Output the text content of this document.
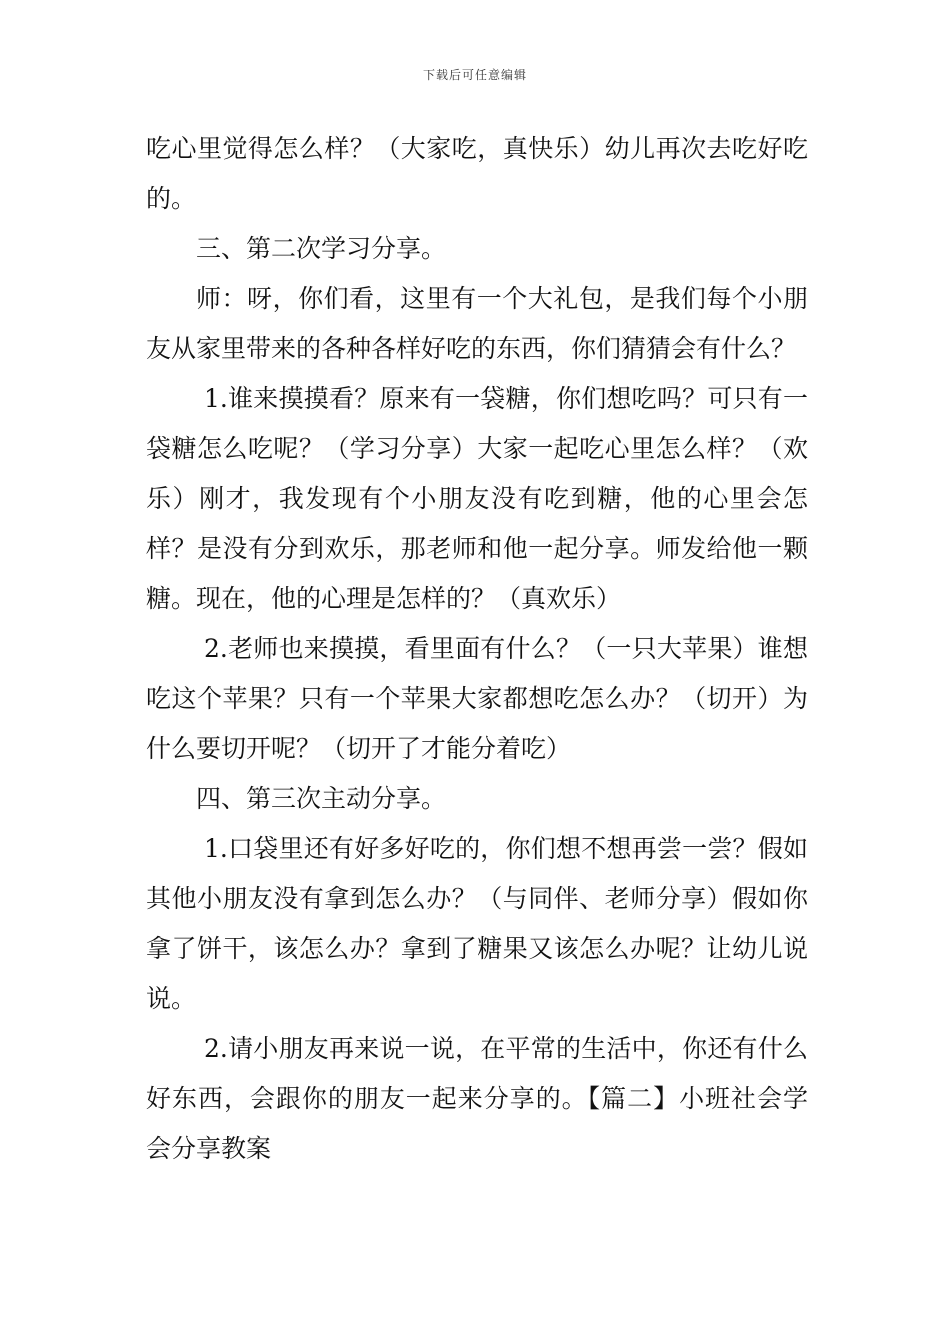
下载后可任意编辑

吃心里觉得怎么样？（大家吃，真快乐）幼儿再次去吃好吃的。

三、第二次学习分享。

师：呀，你们看，这里有一个大礼包，是我们每个小朋友从家里带来的各种各样好吃的东西，你们猜猜会有什么？

1.谁来摸摸看？原来有一袋糖，你们想吃吗？可只有一袋糖怎么吃呢？（学习分享）大家一起吃心里怎么样？（欢乐）刚才，我发现有个小朋友没有吃到糖，他的心里会怎样？是没有分到欢乐，那老师和他一起分享。师发给他一颗糖。现在，他的心理是怎样的？（真欢乐）

2.老师也来摸摸，看里面有什么？（一只大苹果）谁想吃这个苹果？只有一个苹果大家都想吃怎么办？（切开）为什么要切开呢？（切开了才能分着吃）

四、第三次主动分享。

1.口袋里还有好多好吃的，你们想不想再尝一尝？假如其他小朋友没有拿到怎么办？（与同伴、老师分享）假如你拿了饼干，该怎么办？拿到了糖果又该怎么办呢？让幼儿说说。

2.请小朋友再来说一说，在平常的生活中，你还有什么好东西，会跟你的朋友一起来分享的。【篇二】小班社会学会分享教案
